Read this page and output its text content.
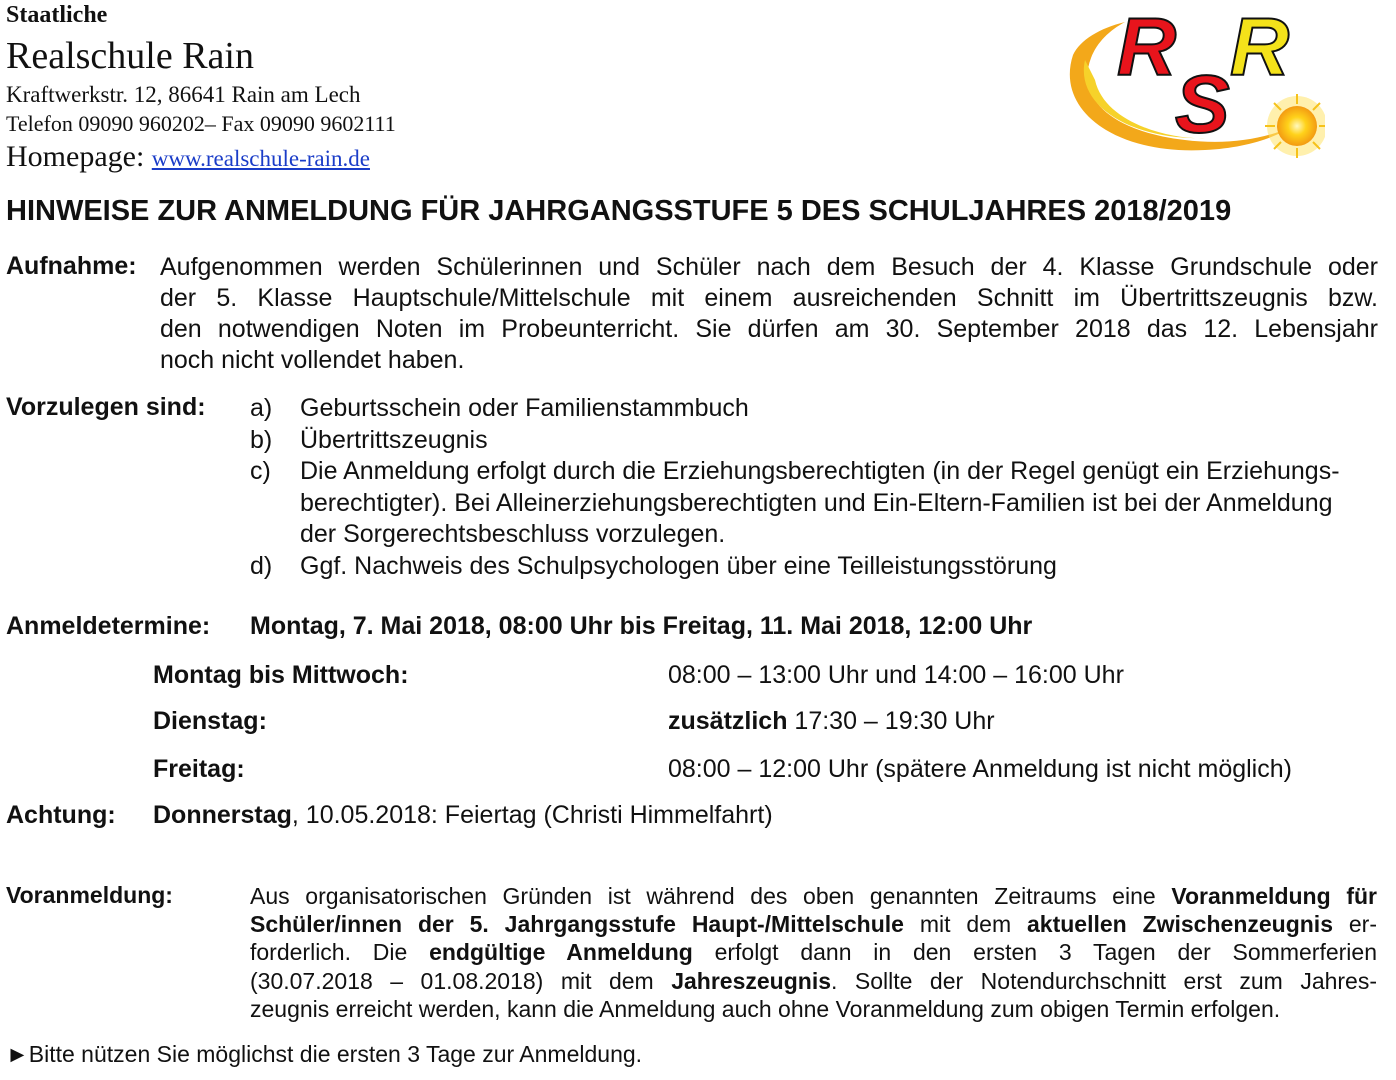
Staatliche
Realschule Rain
Kraftwerkstr. 12, 86641 Rain am Lech
Telefon 09090 960202– Fax 09090 9602111
Homepage: www.realschule-rain.de
R
S
R
HINWEISE ZUR ANMELDUNG FÜR JAHRGANGSSTUFE 5 DES SCHULJAHRES 2018/2019
Aufnahme: Aufgenommen werden Schülerinnen und Schüler nach dem Besuch der 4. Klasse Grundschule oder
der 5. Klasse Hauptschule/Mittelschule mit einem ausreichenden Schnitt im Übertrittszeugnis bzw.
den notwendigen Noten im Probeunterricht. Sie dürfen am 30. September 2018 das 12. Lebensjahr
noch nicht vollendet haben.
Vorzulegen sind: a)	Geburtsschein oder Familienstammbuch
b)	Übertrittszeugnis
c)	Die Anmeldung erfolgt durch die Erziehungsberechtigten (in der Regel genügt ein Erziehungs-
berechtigter). Bei Alleinerziehungsberechtigten und Ein-Eltern-Familien ist bei der Anmeldung
der Sorgerechtsbeschluss vorzulegen.
d)	Ggf. Nachweis des Schulpsychologen über eine Teilleistungsstörung
Anmeldetermine: Montag, 7. Mai 2018, 08:00 Uhr bis Freitag, 11. Mai 2018, 12:00 Uhr
Montag bis Mittwoch:	08:00 – 13:00 Uhr und 14:00 – 16:00 Uhr
Dienstag:	zusätzlich 17:30 – 19:30 Uhr
Freitag:	08:00 – 12:00 Uhr (spätere Anmeldung ist nicht möglich)
Achtung: Donnerstag, 10.05.2018: Feiertag (Christi Himmelfahrt)
Voranmeldung:	Aus organisatorischen Gründen ist während des oben genannten Zeitraums eine Voranmeldung für
Schüler/innen der 5. Jahrgangsstufe Haupt-/Mittelschule mit dem aktuellen Zwischenzeugnis er-
forderlich. Die endgültige Anmeldung erfolgt dann in den ersten 3 Tagen der Sommerferien
(30.07.2018 – 01.08.2018) mit dem Jahreszeugnis. Sollte der Notendurchschnitt erst zum Jahres-
zeugnis erreicht werden, kann die Anmeldung auch ohne Voranmeldung zum obigen Termin erfolgen.
►Bitte nützen Sie möglichst die ersten 3 Tage zur Anmeldung.
